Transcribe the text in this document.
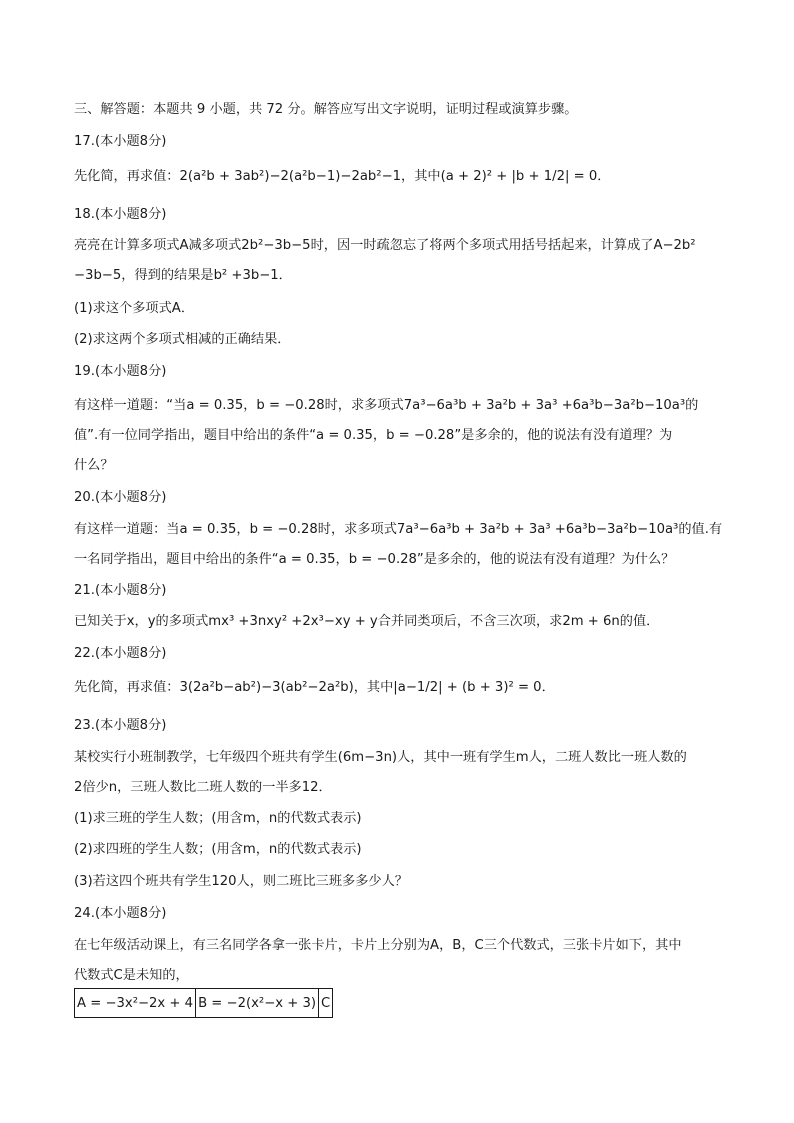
三、解答题：本题共 9 小题，共 72 分。解答应写出文字说明，证明过程或演算步骤。
17.(本小题8分)
先化简，再求值：2(a²b + 3ab²)−2(a²b−1)−2ab²−1，其中(a + 2)² + |b + 1/2| = 0．
18.(本小题8分)
亮亮在计算多项式A减多项式2b²−3b−5时，因一时疏忽忘了将两个多项式用括号括起来，计算成了A−2b²
−3b−5，得到的结果是b² +3b−1．
(1)求这个多项式A．
(2)求这两个多项式相减的正确结果．
19.(本小题8分)
有这样一道题：“当a = 0.35，b = −0.28时，求多项式7a³−6a³b + 3a²b + 3a³ +6a³b−3a²b−10a³的
值”.有一位同学指出，题目中给出的条件“a = 0.35，b = −0.28”是多余的，他的说法有没有道理？为
什么？
20.(本小题8分)
有这样一道题：当a = 0.35，b = −0.28时，求多项式7a³−6a³b + 3a²b + 3a³ +6a³b−3a²b−10a³的值.有
一名同学指出，题目中给出的条件“a = 0.35，b = −0.28”是多余的，他的说法有没有道理？为什么？
21.(本小题8分)
已知关于x，y的多项式mx³ +3nxy² +2x³−xy + y合并同类项后，不含三次项，求2m + 6n的值．
22.(本小题8分)
先化简，再求值：3(2a²b−ab²)−3(ab²−2a²b)，其中|a−1/2| + (b + 3)² = 0．
23.(本小题8分)
某校实行小班制教学，七年级四个班共有学生(6m−3n)人，其中一班有学生m人，二班人数比一班人数的
2倍少n，三班人数比二班人数的一半多12．
(1)求三班的学生人数；(用含m，n的代数式表示)
(2)求四班的学生人数；(用含m，n的代数式表示)
(3)若这四个班共有学生120人，则二班比三班多多少人？
24.(本小题8分)
在七年级活动课上，有三名同学各拿一张卡片，卡片上分别为A，B，C三个代数式，三张卡片如下，其中
代数式C是未知的，
A = −3x²−2x + 4	B = −2(x²−x + 3)	C
